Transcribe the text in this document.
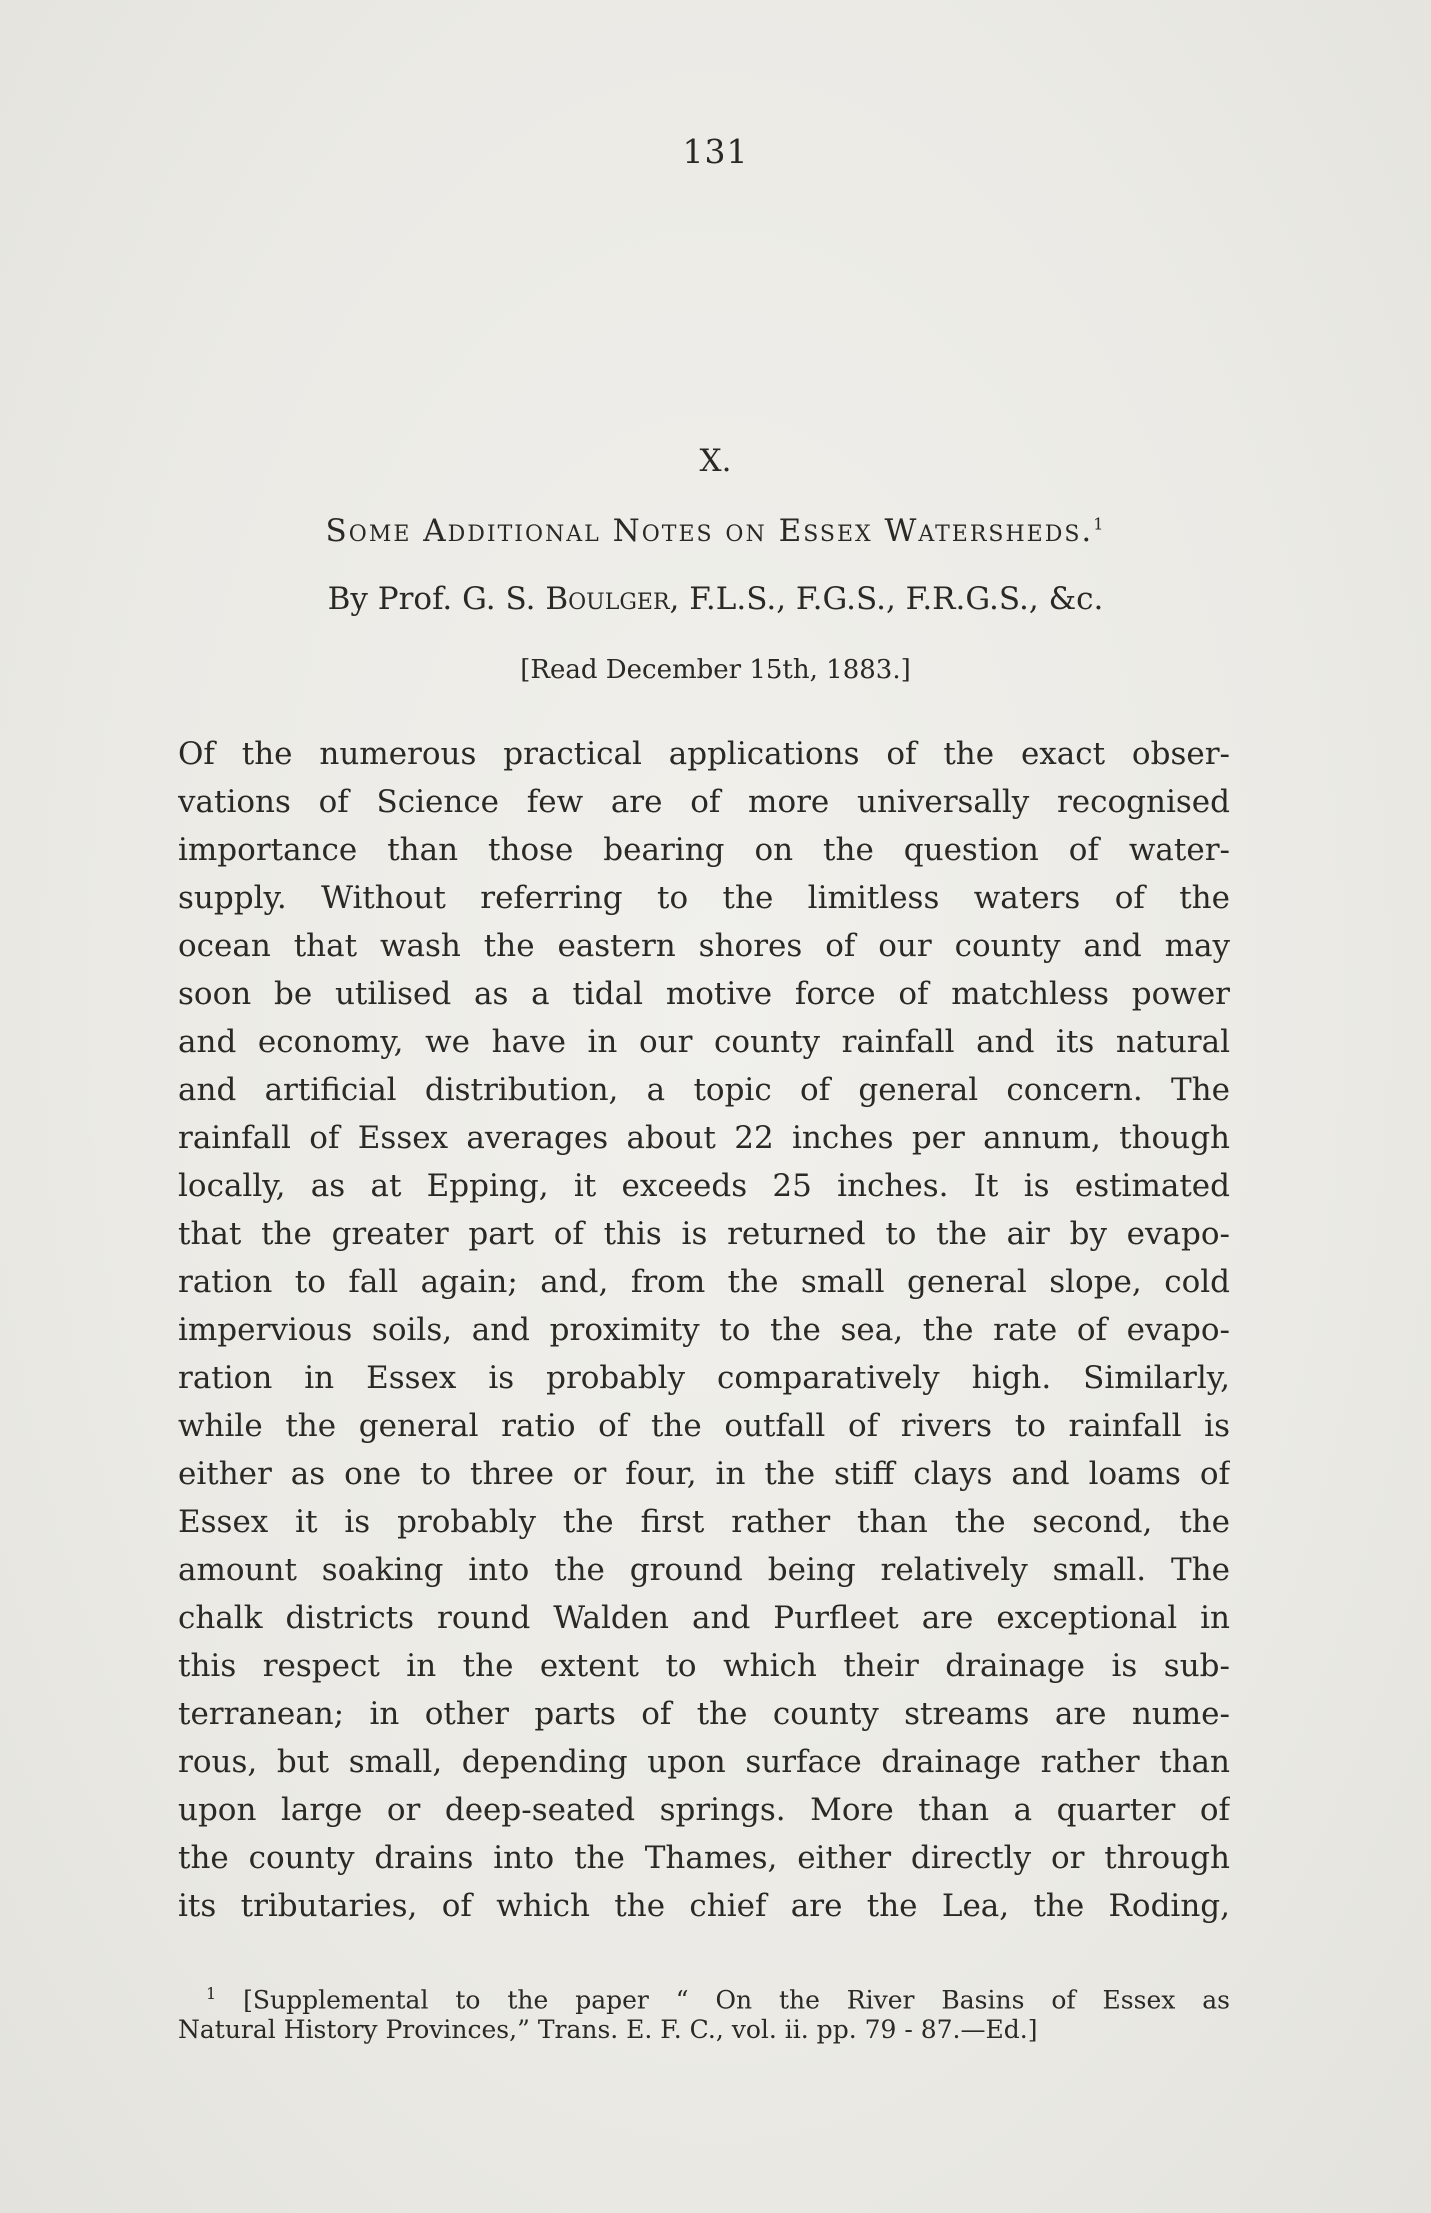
131
X.
Some Additional Notes on Essex Watersheds.$^1$
By Prof. G. S. Boulger, F.L.S., F.G.S., F.R.G.S., &c.
[Read December 15th, 1883.]
Of the numerous practical applications of the exact obser-
vations of Science few are of more universally recognised
importance than those bearing on the question of water-
supply. Without referring to the limitless waters of the
ocean that wash the eastern shores of our county and may
soon be utilised as a tidal motive force of matchless power
and economy, we have in our county rainfall and its natural
and artificial distribution, a topic of general concern. The
rainfall of Essex averages about 22 inches per annum, though
locally, as at Epping, it exceeds 25 inches. It is estimated
that the greater part of this is returned to the air by evapo-
ration to fall again; and, from the small general slope, cold
impervious soils, and proximity to the sea, the rate of evapo-
ration in Essex is probably comparatively high. Similarly,
while the general ratio of the outfall of rivers to rainfall is
either as one to three or four, in the stiff clays and loams of
Essex it is probably the first rather than the second, the
amount soaking into the ground being relatively small. The
chalk districts round Walden and Purfleet are exceptional in
this respect in the extent to which their drainage is sub-
terranean; in other parts of the county streams are nume-
rous, but small, depending upon surface drainage rather than
upon large or deep-seated springs. More than a quarter of
the county drains into the Thames, either directly or through
its tributaries, of which the chief are the Lea, the Roding,
$^1$ [Supplemental to the paper “ On the River Basins of Essex as
Natural History Provinces,” Trans. E. F. C., vol. ii. pp. 79 - 87.—Ed.]
